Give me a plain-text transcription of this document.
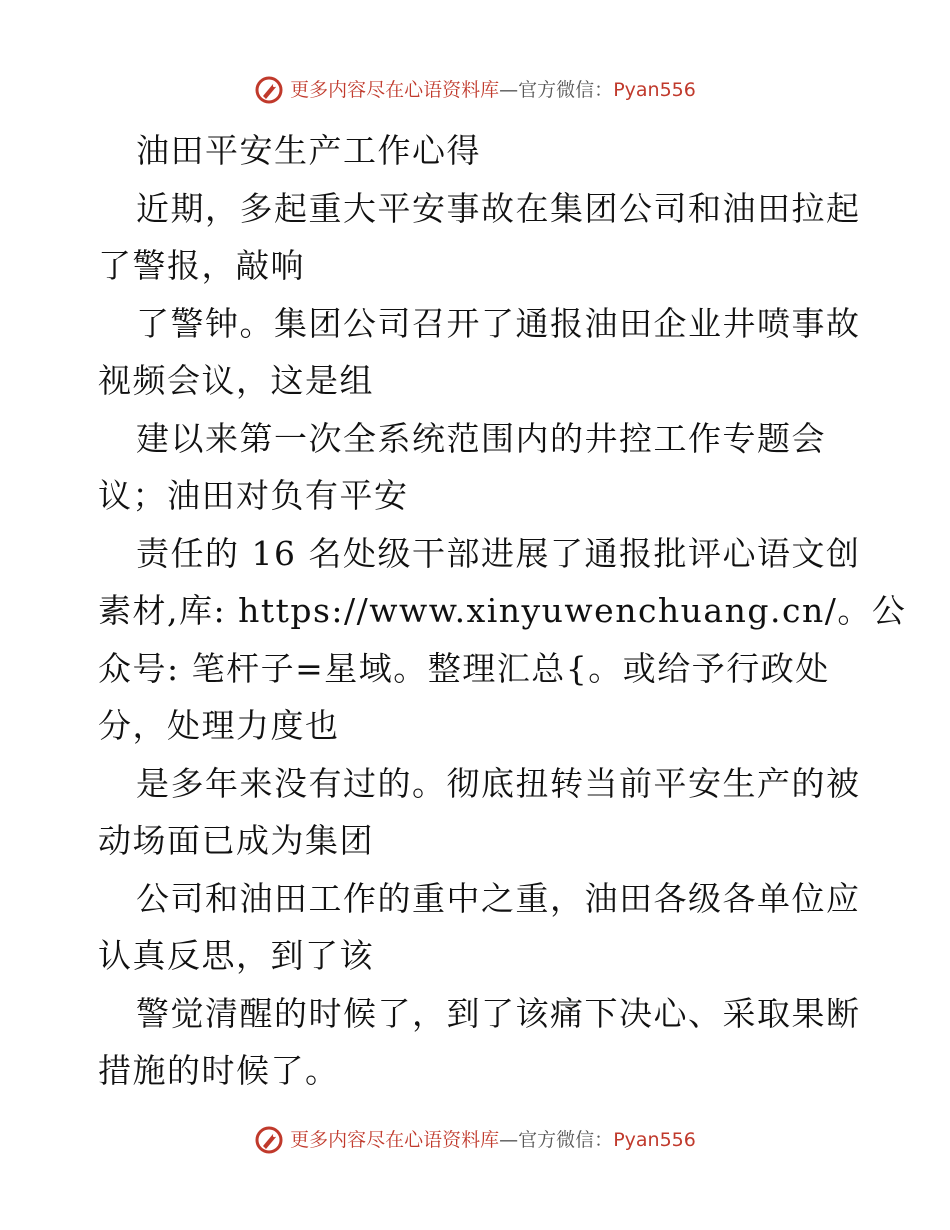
更多内容尽在心语资料库 — 官方微信： Pyan556
油田平安生产工作心得
近期，多起重大平安事故在集团公司和油田拉起
了警报，敲响
了警钟。集团公司召开了通报油田企业井喷事故
视频会议，这是组
建以来第一次全系统范围内的井控工作专题会
议；油田对负有平安
责任的 16 名处级干部进展了通报批评心语文创
素材,库: https://www.xinyuwenchuang.cn/。公
众号: 笔杆子=星域。整理汇总{。或给予行政处
分，处理力度也
是多年来没有过的。彻底扭转当前平安生产的被
动场面已成为集团
公司和油田工作的重中之重，油田各级各单位应
认真反思，到了该
警觉清醒的时候了，到了该痛下决心、采取果断
措施的时候了。
更多内容尽在心语资料库 — 官方微信： Pyan556
